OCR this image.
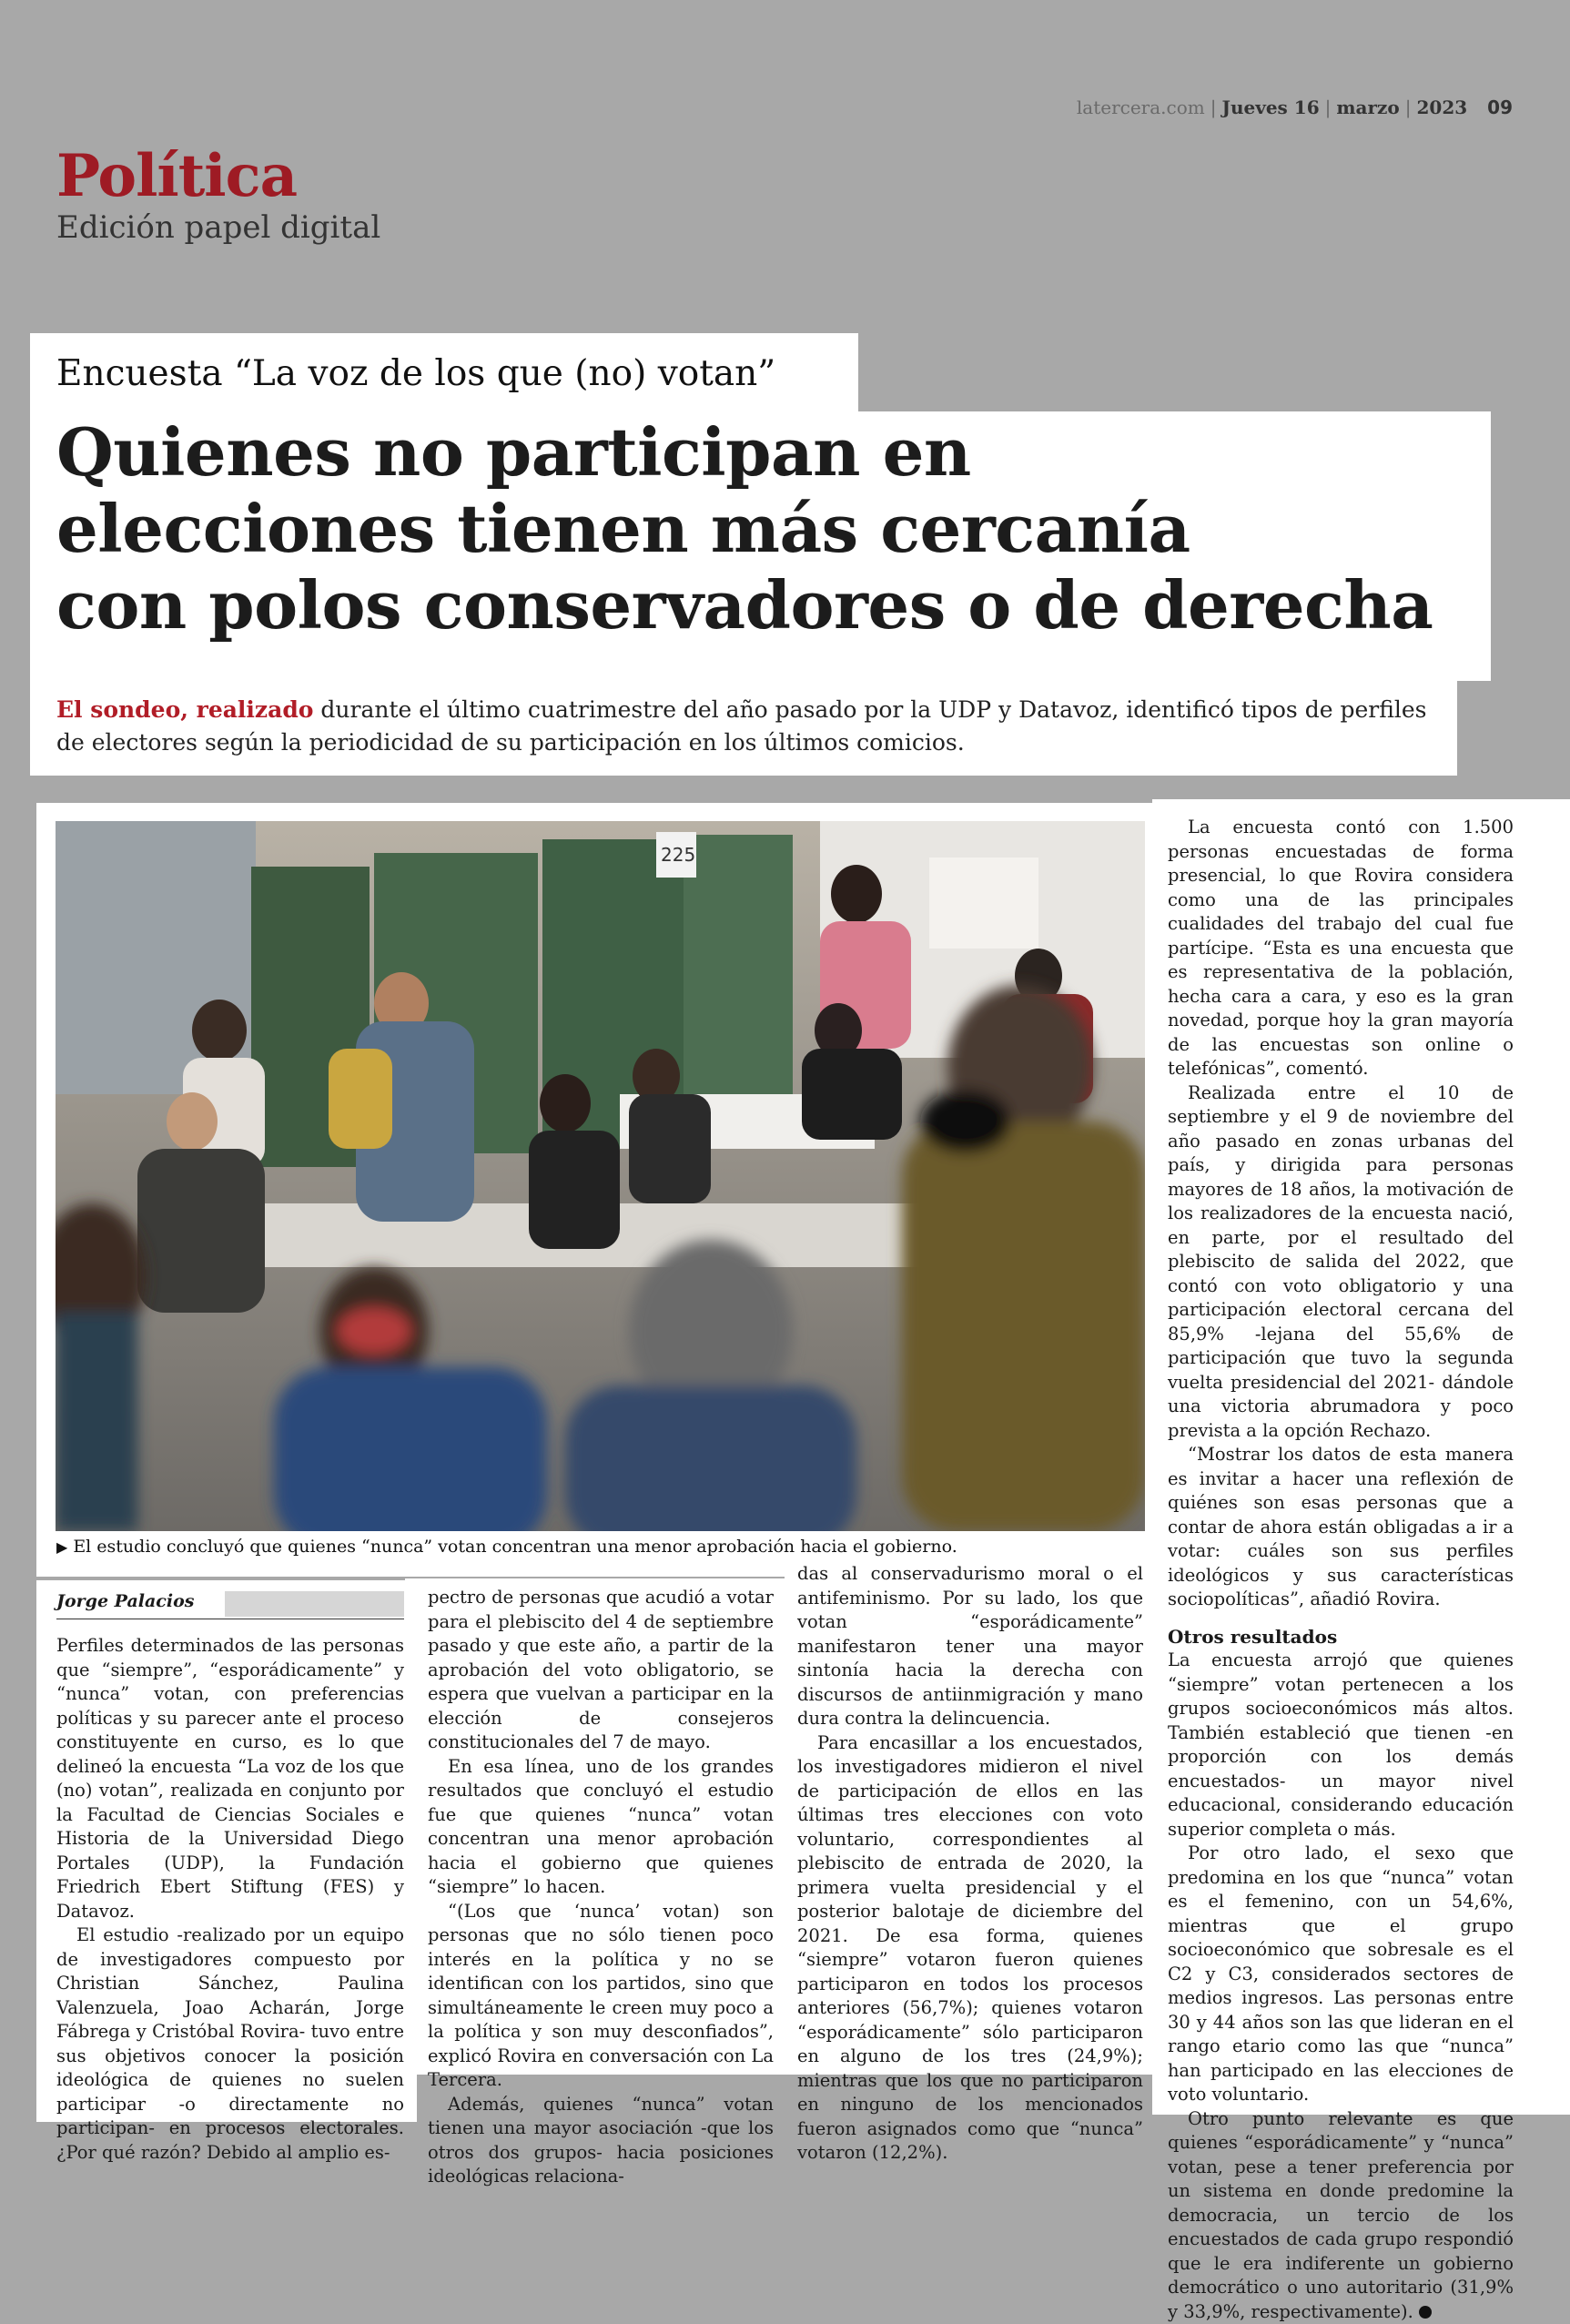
latercera.com | Jueves 16 | marzo | 2023 09
Política
Edición papel digital
Encuesta “La voz de los que (no) votan”
Quienes no participan en
elecciones tienen más cercanía
con polos conservadores o de derecha
El sondeo, realizado durante el último cuatrimestre del año pasado por la UDP y Datavoz, identificó tipos de perfiles de electores según la periodicidad de su participación en los últimos comicios.
225
▶ El estudio concluyó que quienes “nunca” votan concentran una menor aprobación hacia el gobierno.
Jorge Palacios

Perfiles determinados de las personas que “siempre”, “esporádicamente” y “nunca” votan, con preferencias políticas y su parecer ante el proceso constituyente en curso, es lo que delineó la encuesta “La voz de los que (no) votan”, realizada en conjunto por la Facultad de Ciencias Sociales e Historia de la Universidad Diego Portales (UDP), la Fundación Friedrich Ebert Stiftung (FES) y Datavoz.

El estudio -realizado por un equipo de investigadores compuesto por Christian Sánchez, Paulina Valenzuela, Joao Acharán, Jorge Fábrega y Cristóbal Rovira- tuvo entre sus objetivos conocer la posición ideológica de quienes no suelen participar -o directamente no participan- en procesos electorales. ¿Por qué razón? Debido al amplio es-

pectro de personas que acudió a votar para el plebiscito del 4 de septiembre pasado y que este año, a partir de la aprobación del voto obligatorio, se espera que vuelvan a participar en la elección de consejeros constitucionales del 7 de mayo.

En esa línea, uno de los grandes resultados que concluyó el estudio fue que quienes “nunca” votan concentran una menor aprobación hacia el gobierno que quienes “siempre” lo hacen.

“(Los que ‘nunca’ votan) son personas que no sólo tienen poco interés en la política y no se identifican con los partidos, sino que simultáneamente le creen muy poco a la política y son muy desconfiados”, explicó Rovira en conversación con La Tercera.

Además, quienes “nunca” votan tienen una mayor asociación -que los otros dos grupos- hacia posiciones ideológicas relaciona-

das al conservadurismo moral o el antifeminismo. Por su lado, los que votan “esporádicamente” manifestaron tener una mayor sintonía hacia la derecha con discursos de antiinmigración y mano dura contra la delincuencia.

Para encasillar a los encuestados, los investigadores midieron el nivel de participación de ellos en las últimas tres elecciones con voto voluntario, correspondientes al plebiscito de entrada de 2020, la primera vuelta presidencial y el posterior balotaje de diciembre del 2021. De esa forma, quienes “siempre” votaron fueron quienes participaron en todos los procesos anteriores (56,7%); quienes votaron “esporádicamente” sólo participaron en alguno de los tres (24,9%); mientras que los que no participaron en ninguno de los mencionados fueron asignados como que “nunca” votaron (12,2%).

La encuesta contó con 1.500 personas encuestadas de forma presencial, lo que Rovira considera como una de las principales cualidades del trabajo del cual fue partícipe. “Esta es una encuesta que es representativa de la población, hecha cara a cara, y eso es la gran novedad, porque hoy la gran mayoría de las encuestas son online o telefónicas”, comentó.

Realizada entre el 10 de septiembre y el 9 de noviembre del año pasado en zonas urbanas del país, y dirigida para personas mayores de 18 años, la motivación de los realizadores de la encuesta nació, en parte, por el resultado del plebiscito de salida del 2022, que contó con voto obligatorio y una participación electoral cercana del 85,9% -lejana del 55,6% de participación que tuvo la segunda vuelta presidencial del 2021- dándole una victoria abrumadora y poco prevista a la opción Rechazo.

“Mostrar los datos de esta manera es invitar a hacer una reflexión de quiénes son esas personas que a contar de ahora están obligadas a ir a votar: cuáles son sus perfiles ideológicos y sus características sociopolíticas”, añadió Rovira.

Otros resultados

La encuesta arrojó que quienes “siempre” votan pertenecen a los grupos socioeconómicos más altos. También estableció que tienen -en proporción con los demás encuestados- un mayor nivel educacional, considerando educación superior completa o más.

Por otro lado, el sexo que predomina en los que “nunca” votan es el femenino, con un 54,6%, mientras que el grupo socioeconómico que sobresale es el C2 y C3, considerados sectores de medios ingresos. Las personas entre 30 y 44 años son las que lideran en el rango etario como las que “nunca” han participado en las elecciones de voto voluntario.

Otro punto relevante es que quienes “esporádicamente” y “nunca” votan, pese a tener preferencia por un sistema en donde predomine la democracia, un tercio de los encuestados de cada grupo respondió que le era indiferente un gobierno democrático o uno autoritario (31,9% y 33,9%, respectivamente).
